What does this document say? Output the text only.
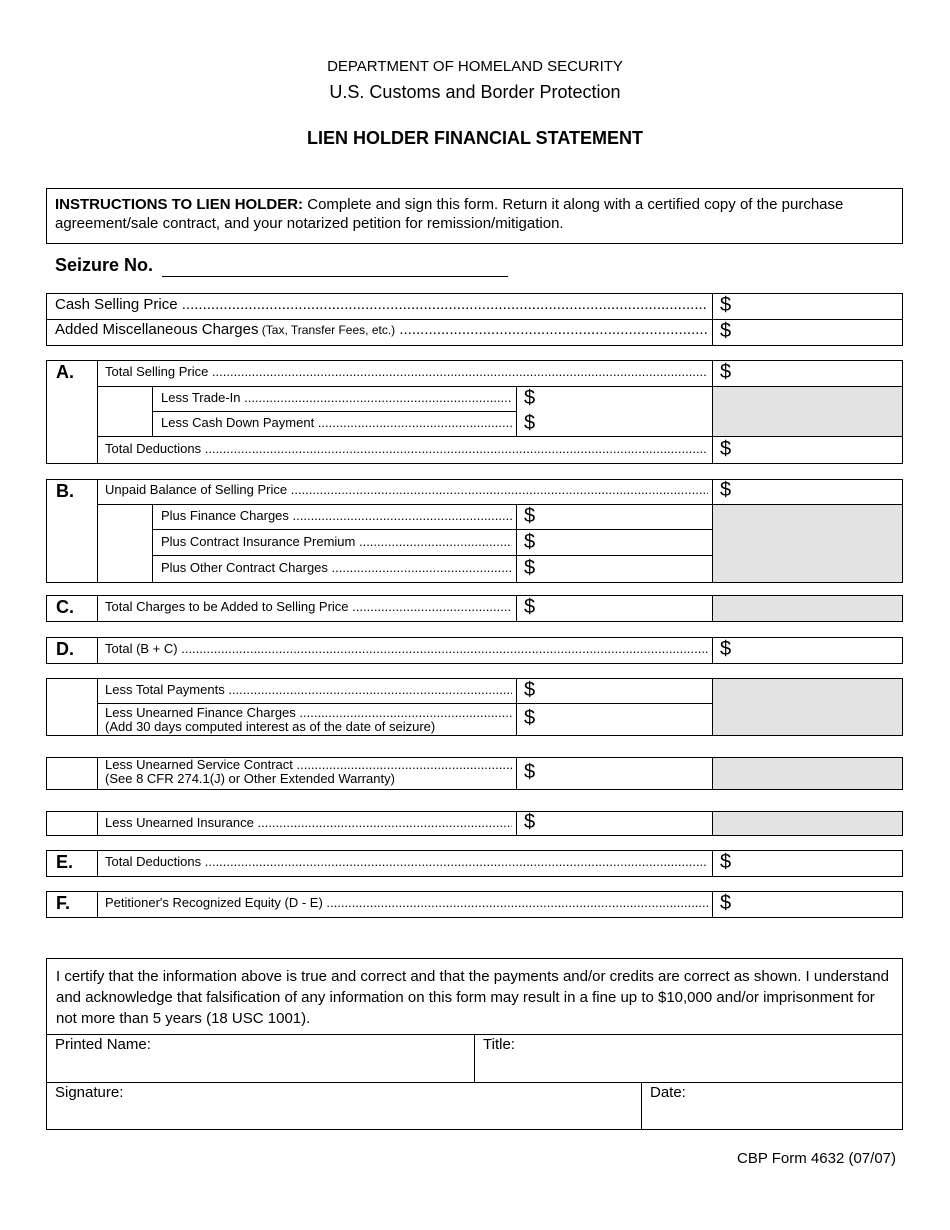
DEPARTMENT OF HOMELAND SECURITY
U.S. Customs and Border Protection
LIEN HOLDER FINANCIAL STATEMENT
INSTRUCTIONS TO LIEN HOLDER: Complete and sign this form. Return it along with a certified copy of the purchase agreement/sale contract, and your notarized petition for remission/mitigation.
Seizure No.
Cash Selling Price .....	$
Added Miscellaneous Charges (Tax, Transfer Fees, etc.) .....	$
A. Total Selling Price .....	$
Less Trade-In .....	$
Less Cash Down Payment .....	$
Total Deductions .....	$
B. Unpaid Balance of Selling Price .....	$
Plus Finance Charges .....	$
Plus Contract Insurance Premium .....	$
Plus Other Contract Charges .....	$
C. Total Charges to be Added to Selling Price .....	$
D. Total (B + C) .....	$
Less Total Payments .....	$
Less Unearned Finance Charges .....
(Add 30 days computed interest as of the date of seizure)	$
Less Unearned Service Contract .....
(See 8 CFR 274.1(J) or Other Extended Warranty)	$
Less Unearned Insurance .....	$
E. Total Deductions .....	$
F.	Petitioner's Recognized Equity (D - E) .....	$
I certify that the information above is true and correct and that the payments and/or credits are correct as shown. I understand and acknowledge that falsification of any information on this form may result in a fine up to $10,000 and/or imprisonment for not more than 5 years (18 USC 1001).
Printed Name:	Title:
Signature:	Date:
CBP Form 4632 (07/07)
